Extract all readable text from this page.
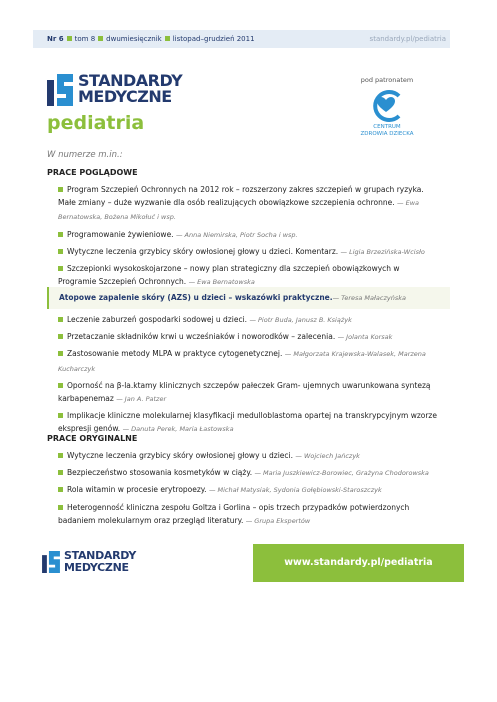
Nr 6 tom 8 dwumiesięcznik listopad–grudzień 2011	standardy.pl/pediatria
STANDARDY
MEDYCZNE
pediatria
pod patronatem
CENTRUM
ZDROWIA DZIECKA
W numerze m.in.:
PRACE POGLĄDOWE
Program Szczepień Ochronnych na 2012 rok – rozszerzony zakres szczepień w grupach ryzyka. Małe zmiany – duże wyzwanie dla osób realizujących obowiązkowe szczepienia ochronne. — Ewa Bernatowska, Bożena Mikołuć i wsp.
Programowanie żywieniowe. — Anna Niemirska, Piotr Socha i wsp.
Wytyczne leczenia grzybicy skóry owłosionej głowy u dzieci. Komentarz. — Ligia Brzezińska-Wcisło
Szczepionki wysokoskojarzone – nowy plan strategiczny dla szczepień obowiązkowych w Programie Szczepień Ochronnych. — Ewa Bernatowska
Atopowe zapalenie skóry (AZS) u dzieci – wskazówki praktyczne.— Teresa Małaczyńska
Leczenie zaburzeń gospodarki sodowej u dzieci. — Piotr Buda, Janusz B. Książyk
Przetaczanie składników krwi u wcześniaków i noworodków – zalecenia. — Jolanta Korsak
Zastosowanie metody MLPA w praktyce cytogenetycznej. — Małgorzata Krajewska-Walasek, Marzena Kucharczyk
Oporność na β-la.ktamy klinicznych szczepów pałeczek Gram- ujemnych uwarunkowana syntezą karbapenemaz — Jan A. Patzer
Implikacje kliniczne molekularnej klasyfikacji medulloblastoma opartej na transkrypcyjnym wzorze ekspresji genów. — Danuta Perek, Maria Łastowska
PRACE ORYGINALNE
Wytyczne leczenia grzybicy skóry owłosionej głowy u dzieci. — Wojciech Jańczyk
Bezpieczeństwo stosowania kosmetyków w ciąży. — Maria Juszkiewicz-Borowiec, Grażyna Chodorowska
Rola witamin w procesie erytropoezy. — Michał Matysiak, Sydonia Gołębiowski-Staroszczyk
Heterogenność kliniczna zespołu Goltza i Gorlina – opis trzech przypadków potwierdzonych badaniem molekularnym oraz przegląd literatury. — Grupa Ekspertów
STANDARDY
MEDYCZNE	www.standardy.pl/pediatria
